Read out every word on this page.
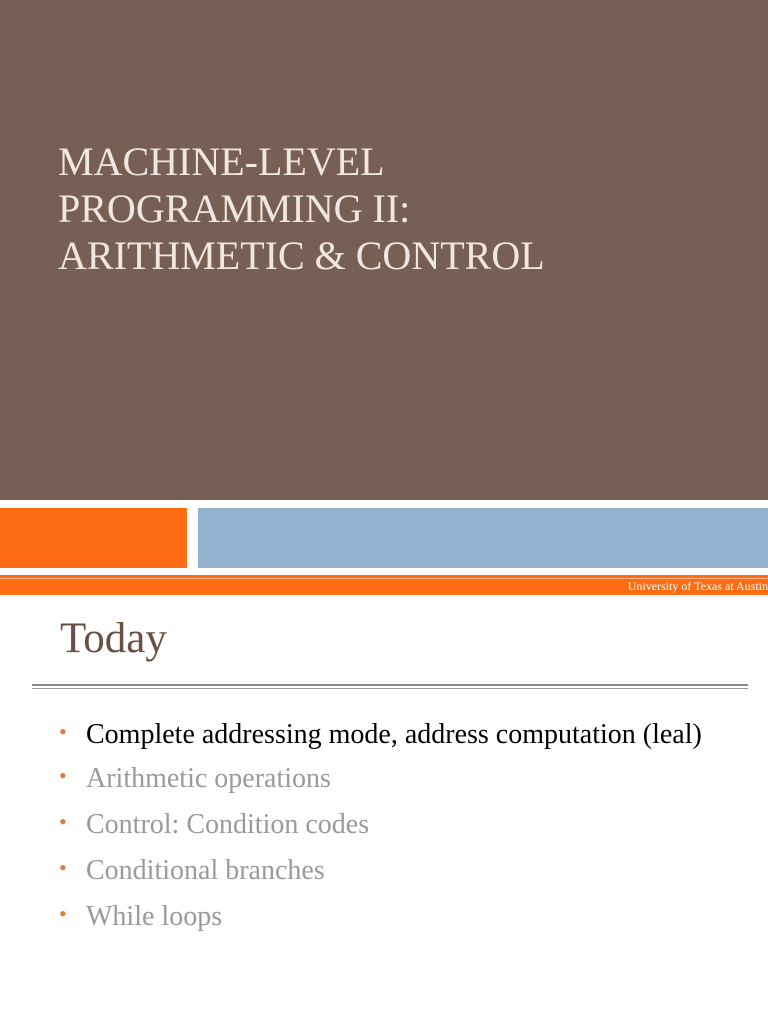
MACHINE-LEVEL
PROGRAMMING II:
ARITHMETIC & CONTROL
University of Texas at Austin
Today
• Complete addressing mode, address computation (leal)
• Arithmetic operations
• Control: Condition codes
• Conditional branches
• While loops
